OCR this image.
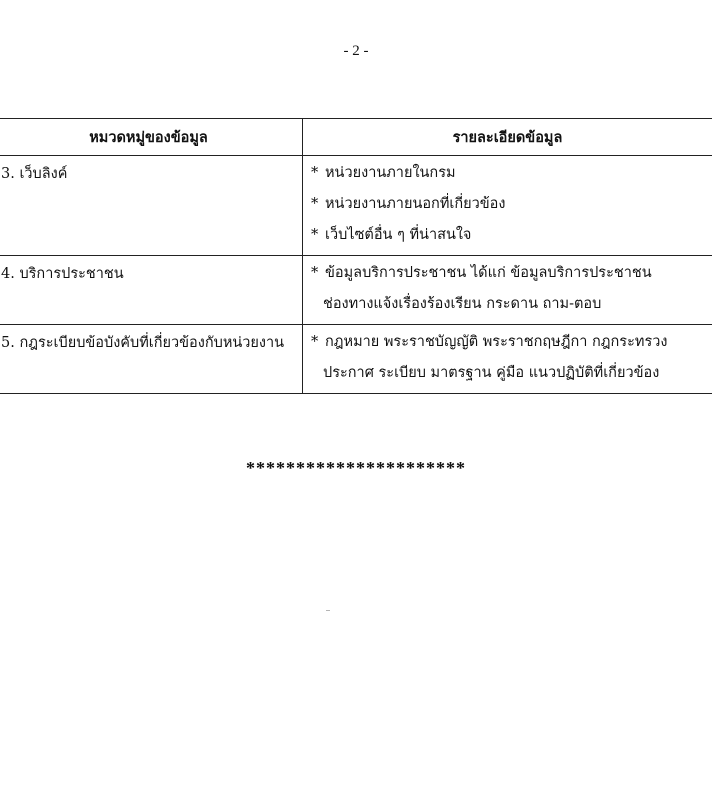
- 2 -
หมวดหมู่ของข้อมูล	รายละเอียดข้อมูล
3. เว็บลิงค์	* หน่วยงานภายในกรม
* หน่วยงานภายนอกที่เกี่ยวข้อง
* เว็บไซต์อื่น ๆ ที่น่าสนใจ

4. บริการประชาชน	* ข้อมูลบริการประชาชน ได้แก่ ข้อมูลบริการประชาชน
ช่องทางแจ้งเรื่องร้องเรียน กระดาน ถาม-ตอบ

5. กฎระเบียบข้อบังคับที่เกี่ยวข้องกับหน่วยงาน	* กฎหมาย พระราชบัญญัติ พระราชกฤษฎีกา กฎกระทรวง
ประกาศ ระเบียบ มาตรฐาน คู่มือ แนวปฏิบัติที่เกี่ยวข้อง
**********************
